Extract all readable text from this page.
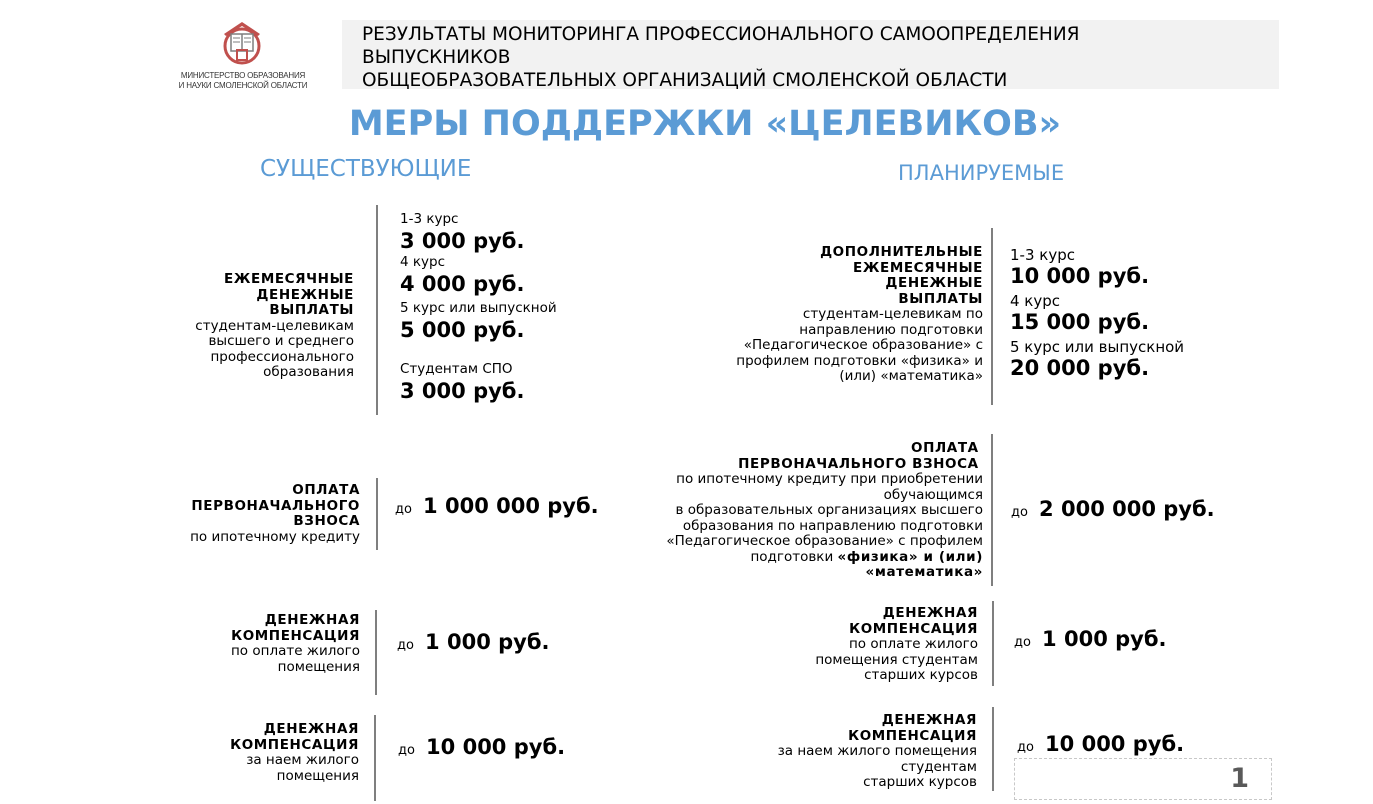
МИНИСТЕРСТВО ОБРАЗОВАНИЯ
И НАУКИ СМОЛЕНСКОЙ ОБЛАСТИ
РЕЗУЛЬТАТЫ МОНИТОРИНГА ПРОФЕССИОНАЛЬНОГО САМООПРЕДЕЛЕНИЯ
ВЫПУСКНИКОВ
ОБЩЕОБРАЗОВАТЕЛЬНЫХ ОРГАНИЗАЦИЙ СМОЛЕНСКОЙ ОБЛАСТИ
МЕРЫ ПОДДЕРЖКИ «ЦЕЛЕВИКОВ»
СУЩЕСТВУЮЩИЕ	ПЛАНИРУЕМЫЕ
ЕЖЕМЕСЯЧНЫЕ
ДЕНЕЖНЫЕ
ВЫПЛАТЫ
студентам-целевикам
высшего и среднего
профессионального
образования
1-3 курс
3 000 руб.
4 курс
4 000 руб.
5 курс или выпускной
5 000 руб.
Студентам СПО
3 000 руб.
ОПЛАТА
ПЕРВОНАЧАЛЬНОГО
ВЗНОСА
по ипотечному кредиту
до 1 000 000 руб.
ДЕНЕЖНАЯ
КОМПЕНСАЦИЯ
по оплате жилого
помещения
до 1 000 руб.
ДЕНЕЖНАЯ
КОМПЕНСАЦИЯ
за наем жилого
помещения
до 10 000 руб.
ДОПОЛНИТЕЛЬНЫЕ
ЕЖЕМЕСЯЧНЫЕ
ДЕНЕЖНЫЕ
ВЫПЛАТЫ
студентам-целевикам по
направлению подготовки
«Педагогическое образование» с
профилем подготовки «физика» и
(или) «математика»
1-3 курс
10 000 руб.
4 курс
15 000 руб.
5 курс или выпускной
20 000 руб.
ОПЛАТА
ПЕРВОНАЧАЛЬНОГО ВЗНОСА
по ипотечному кредиту при приобретении
обучающимся
в образовательных организациях высшего
образования по направлению подготовки
«Педагогическое образование» с профилем
подготовки «физика» и (или)
«математика»
до 2 000 000 руб.
ДЕНЕЖНАЯ
КОМПЕНСАЦИЯ
по оплате жилого
помещения студентам
старших курсов
до 1 000 руб.
ДЕНЕЖНАЯ
КОМПЕНСАЦИЯ
за наем жилого помещения
студентам
старших курсов
до 10 000 руб.
1
